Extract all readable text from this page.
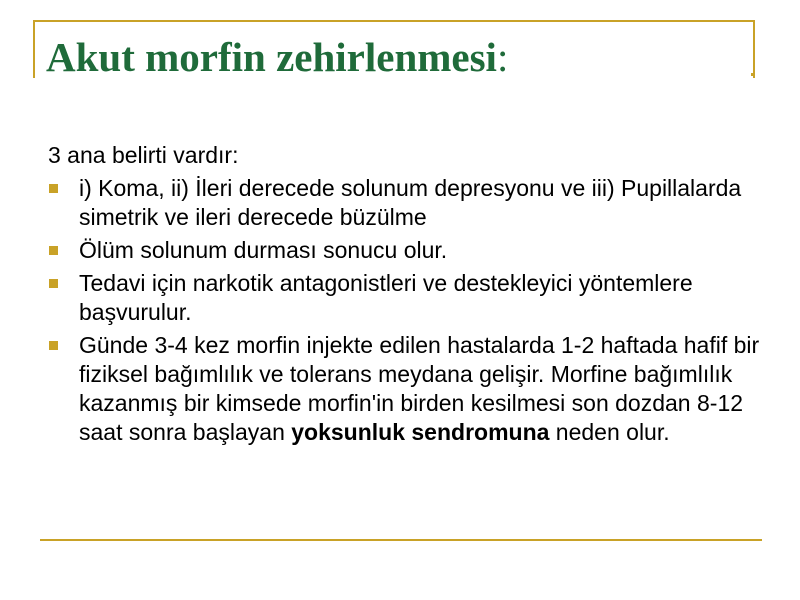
Akut morfin zehirlenmesi:

3 ana belirti vardır:

i) Koma, ii) İleri derecede solunum depresyonu ve iii) Pupillalarda simetrik ve ileri derecede büzülme
Ölüm solunum durması sonucu olur.
Tedavi için narkotik antagonistleri ve destekleyici yöntemlere başvurulur.
Günde 3-4 kez morfin injekte edilen hastalarda 1-2 haftada hafif bir fiziksel bağımlılık ve tolerans meydana gelişir. Morfine bağımlılık kazanmış bir kimsede morfin'in birden kesilmesi son dozdan 8-12 saat sonra başlayan yoksunluk sendromuna neden olur.
